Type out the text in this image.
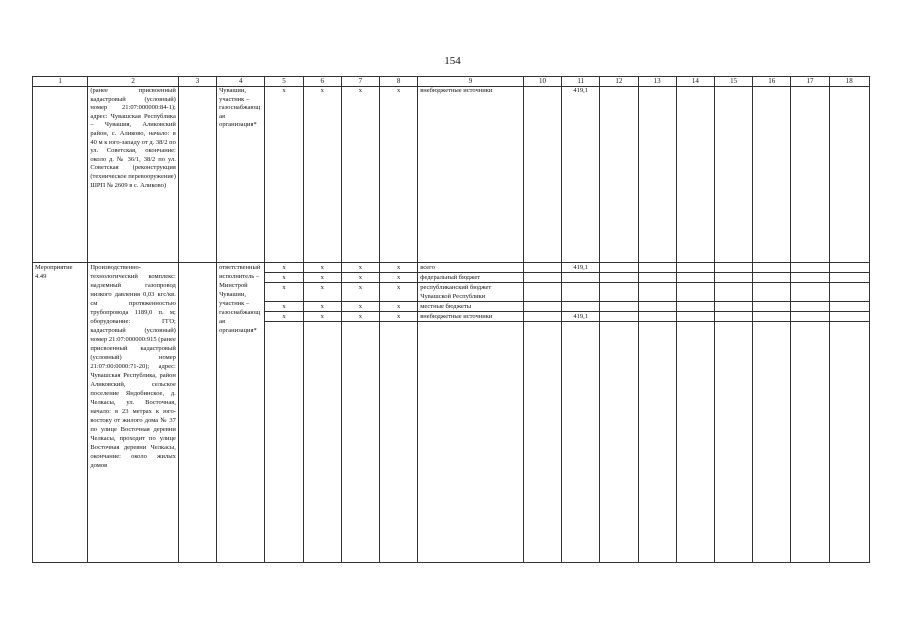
154
1	2	3	4	5	6	7	8	9	10	11	12	13	14	15	16	17	18
	(ранее присвоенный кадастровый (условный) номер 21:07:000000:84-1); адрес: Чувашская Республика – Чувашия, Аликовский район, с. Аликово, начало: в 40 м к юго-западу от д. 38/2 по ул. Советская, окончание: около д. № 36/1, 38/2 по ул. Советская (реконструкция (техническое перевооружение) ШРП № 2609 в с. Аликово)		Чувашии, участник – газоснабжающая организация*	x	x	x	x	внебюджетные источники		419,1							
Мероприятие 4.49	Производственно-технологический комплекс: надземный газопровод низкого давления 0,03 кгс/кв. см протяженностью трубопровода 1189,0 п. м; оборудование: ГГО; кадастровый (условный) номер 21:07:000000:915 (ранее присвоенный кадастровый (условный) номер 21:07:00:0000:71-20); адрес: Чувашская Республика, район Аликовский, сельское поселение Яндобинское, д. Челкасы, ул. Восточная, начало: в 23 метрах к юго-востоку от жилого дома № 37 по улице Восточная деревни Челкасы, проходит по улице Восточная деревни Челкасы, окончание: около жилых домов		ответственный исполнитель – Минстрой Чувашии, участник – газоснабжающая организация*	x	x	x	x	всего		419,1							
				x	x	x	x	федеральный бюджет									
				x	x	x	x	республиканский бюджет Чувашской Республики									
				x	x	x	x	местные бюджеты									
				x	x	x	x	внебюджетные источники		419,1							
